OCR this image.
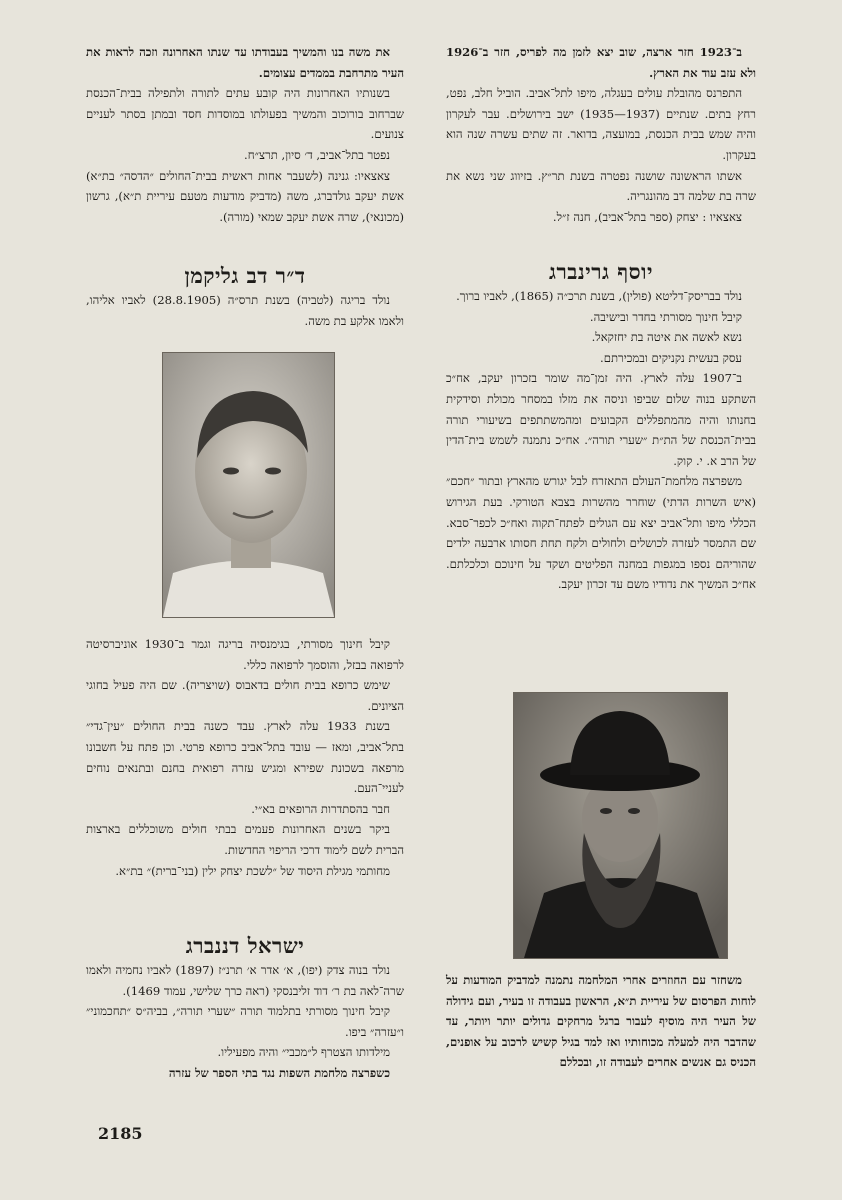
ב־1923 חזר ארצה, שוב יצא לזמן מה לפריס, חזר ב־1926 ולא עזב עוד את הארץ.

התפרנס מהובלת עולים בעגלה, מיפו לתל־אביב. הוביל חלב, נפט, רחץ בתים. שנתיים (1937—1935) ישב בירושלים. עבר לעקרון והיה שמש בבית הכנסת, במועצה, בדואר. זה שתים עשרה שנה הוא בעקרון.

אשתו הראשונה שושנה נפטרה בשנת תר״ץ. בזיווג שני נשא את שרה בת שלמה דב מהונגריה.

צאצאיו : יצחק (ספר בתל־אביב), חנה ז״ל.

את משה בנו והמשיך בעבודתו עד שנתו האחרונה וזכה לראות את העיר מתרחבת בממדים עצומים.

בשנותיו האחרונות היה קובע עתים לתורה ולתפילה בבית־הכנסת שברחוב בורוכוב והמשיך בפעולתו במוסדות חסד ובמתן בסתר לעניים צנועים.

נפטר בתל־אביב, ד׳ סיון, תרצ״ח.

צאצאיו: גנינה (לשעבר אחות ראשית בבית־החולים ״הדסה״ בת״א) אשת יעקב גולדברג, משה (מדביק מודעות מטעם עיריית ת״א), גרשון (מכונאי), שרה אשת יעקב שמאי (מורה).

יוסף גרינברג

נולד בבריסק־דליטא (פולין), בשנת תרכ״ה (1865), לאביו ברוך.

קיבל חינוך מסורתי בחדר ובישיבה.

נשא לאשה את איטה בת יחזקאל.

עסק בעשית נקניקים ובמכירתם.

ב־1907 עלה לארץ. היה זמן־מה שומר בזכרון יעקב, אח״כ השתקע בנוה שלום שביפו וניסה את מזלו במסחר מכולת וסידקית בחנותו והיה מהמתפללים הקבועים ומהמשתתפים בשיעורי תורה בבית־הכנסת של הת״ת ״שערי תורה״. אח״כ נתמנה לשמש בית־הדין של הרב א. י. קוק.

משפרצה מלחמת־העולם התאזרח לבל יגורש מהארץ ובתור ״חכם״ (איש השרות הדתי) שוחרר מהשרות בצבא הטורקי. בעת הגירוש הכללי מיפו ותל־אביב יצא עם הגולים לפתח־תקוה ואח״כ לכפר־סבא. שם התמסר לעזרה לכושלים ולחולים ולקח תחת חסותו ארבעה ילדים שהוריהם נספו במגפות במחנה הפליטים ושקד על חינוכם וכלכלתם. אח״כ המשיך את נדודיו משם עד זכרון יעקב.

משחזר עם החוזרים אחרי המלחמה נתמנה למדביק המודעות על לוחות הפרסום של עיריית ת״א, הראשון בעבודה זו בעיר, ועם גידולה של העיר היה מוסיף לעבור ברגל מרחקים גדולים יותר ויותר, עד שהדבר היה למעלה מכוחותיו ואז למד בגיל קשיש לרכוב על אופנים, הכניס גם אנשים אחרים לעבודה זו, ובכללם

ד״ר דב גליקמן

נולד בריגה (לטביה) בשנת תרס״ה (28.8.1905) לאביו אליהו, ולאמו אלקע בת משה.

קיבל חינוך מסורתי, בגימנסיה בריגה וגמר ב־1930 אוניברסיטה לרפואה בבזל, והוסמך לרפואה כללי.

שימש כרופא בבית חולים בדאבוס (שויצריה). שם היה פעיל בחוגי הציונים.

בשנת 1933 עלה לארץ. עבד כשנה בבית החולים ״עין־גדי״ בתל־אביב, ומאז — עובד בתל־אביב כרופא פרטי. וכן פתח על חשבונו מרפאה בשכונת שפירא ומגיש עזרה רפואית בחנם ובתנאים נוחים לעניי־העם.

חבר בהסתדרות הרופאים בא״י.

ביקר בשנים האחרונות פעמים בבתי חולים משוכללים בארצות הברית לשם לימוד דרכי הריפוי החדשות.

מחותמי מגילת היסוד של ״לשכת יצחק ילין (בני־ברית)״ בת״א.

ישראל דננברג

נולד בנוה צדק (יפו), א׳ אדר א׳ תרנ״ז (1897) לאביו נחמיה ולאמו שרה־לאה בת ר׳ דוד זליבנסקי (ראה כרך שלישי, עמוד 1469).

קיבל חינוך מסורתי בתלמוד תורה ״שערי תורה״, בביה״ס ״תחכמוני״ ו״עזרה״ ביפו.

מילדותו הצטרף ל״מכבי״ והיה מפעיליו.

כשפרצה מלחמת השפות נגד בתי הספר של עזרה

2185
